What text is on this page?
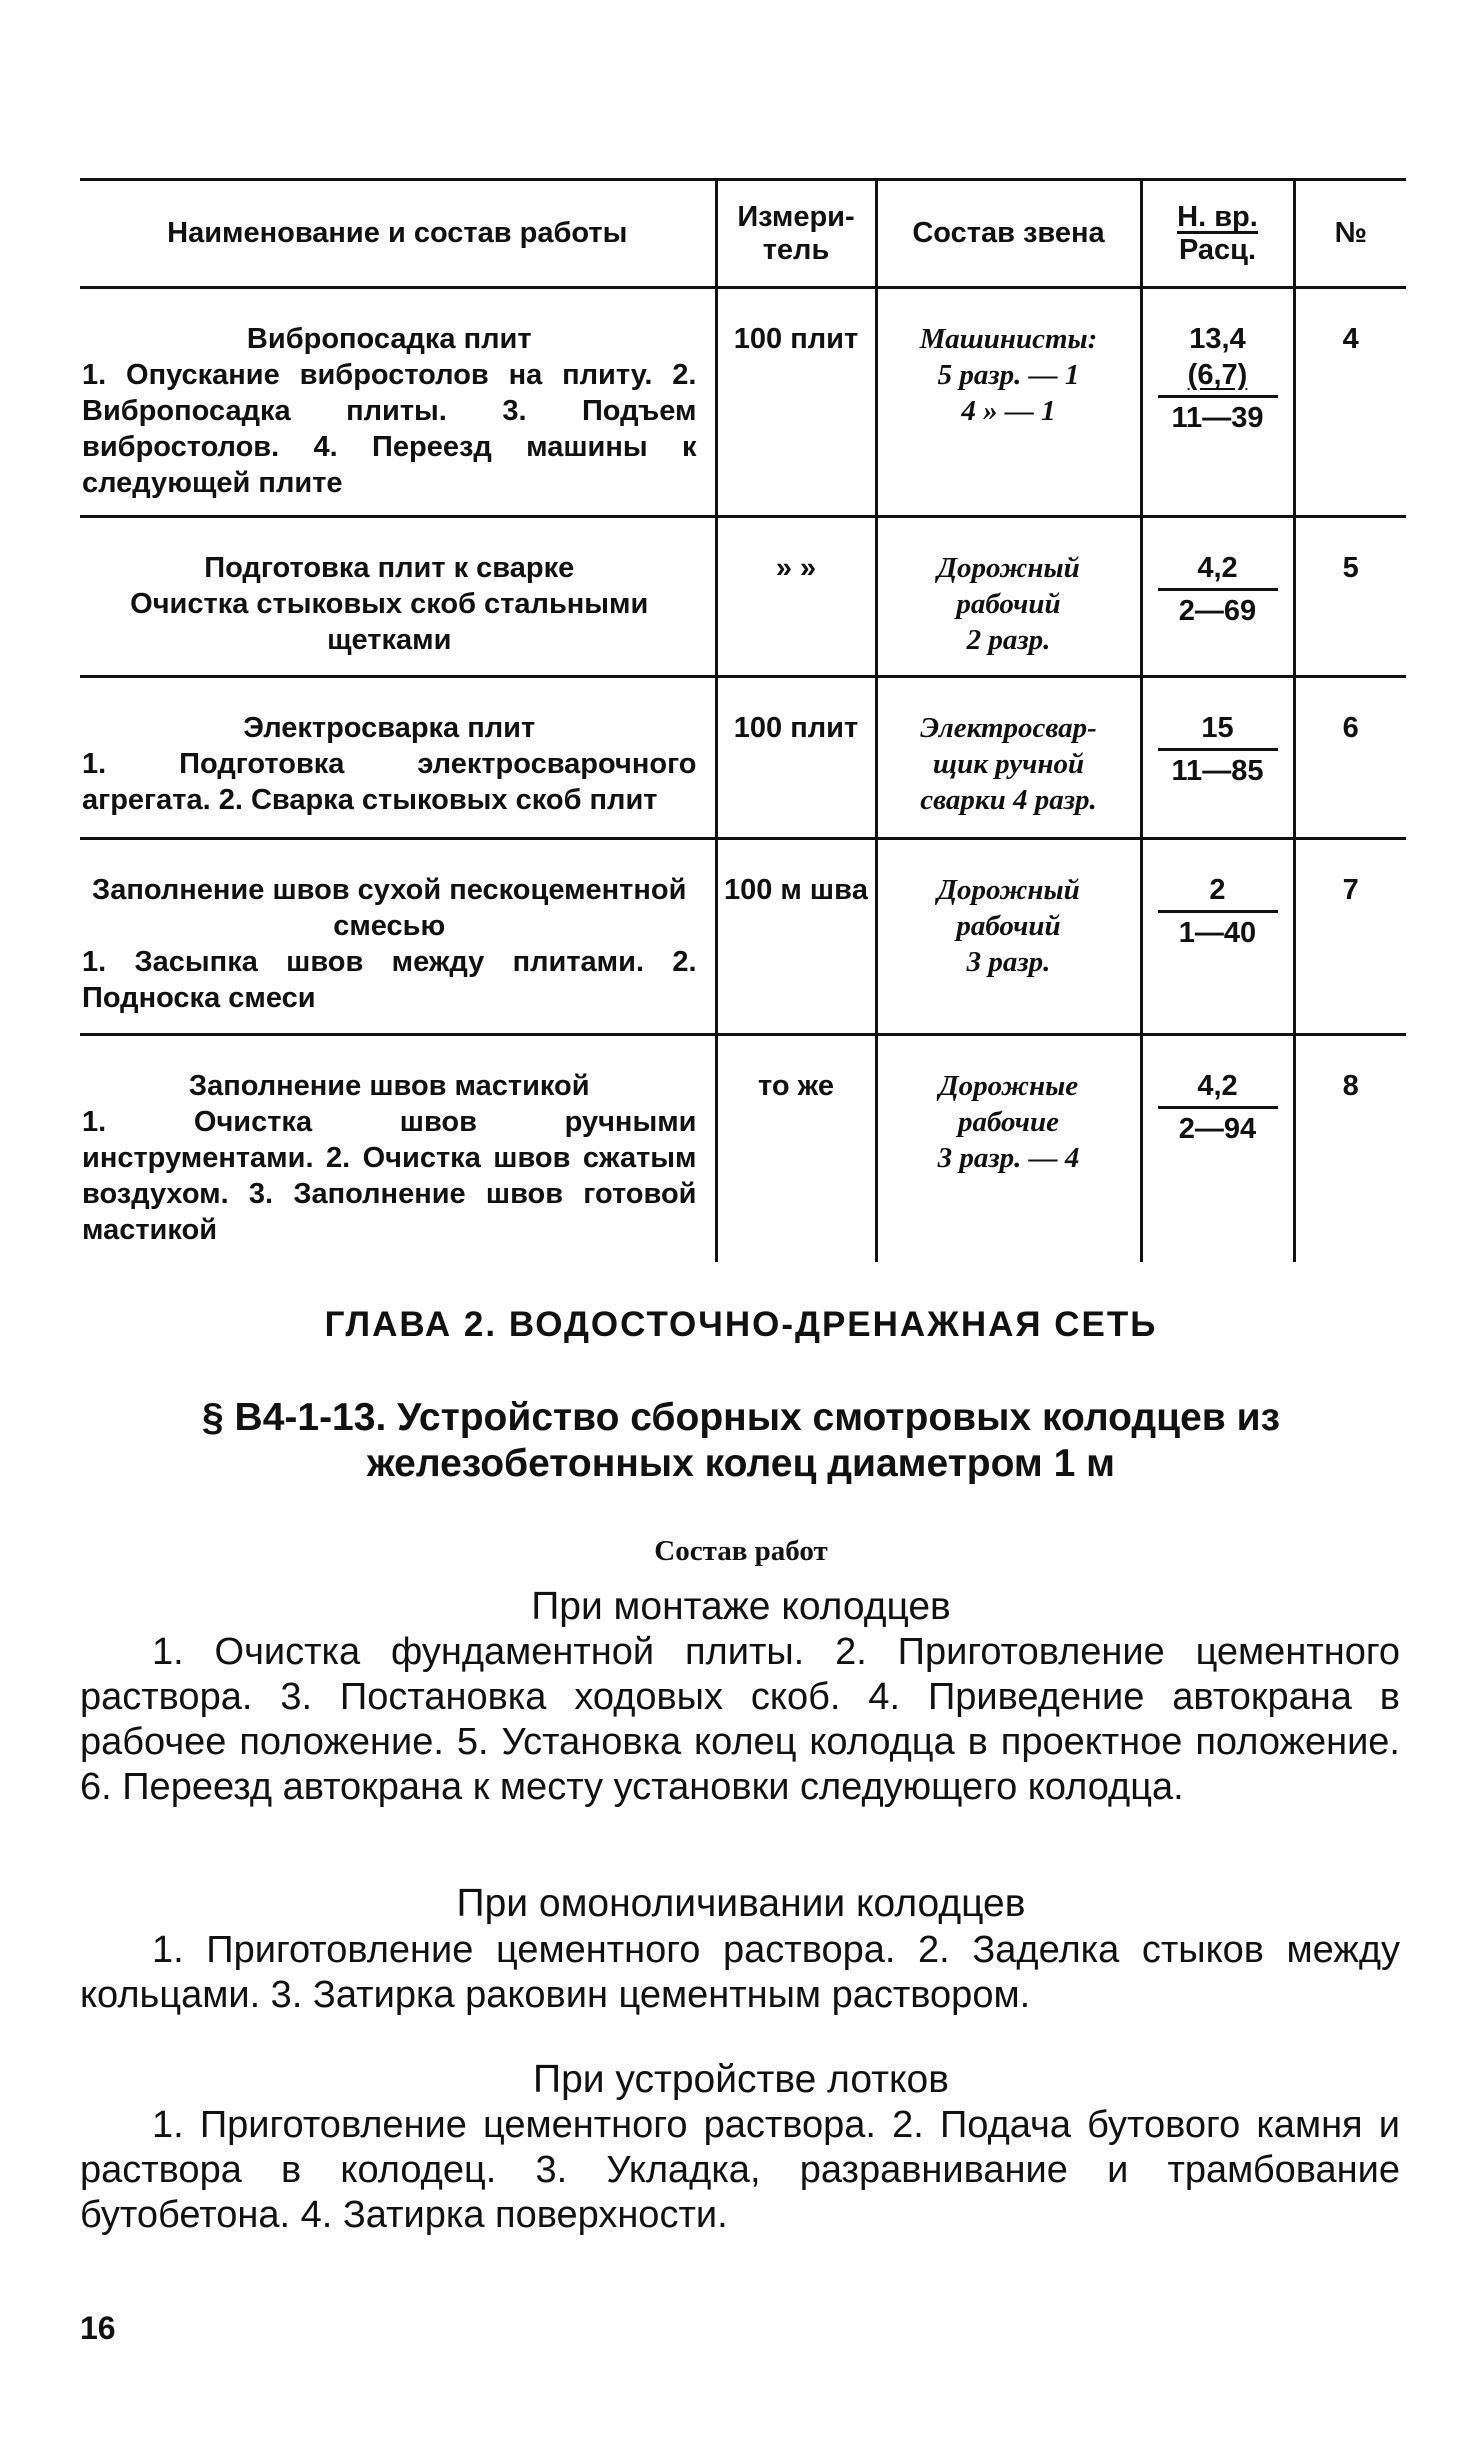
Наименование и состав работы	Измери-
тель	Состав звена	Н. вр.
Расц.	№

Вибропосадка плит
1. Опускание вибростолов на плиту. 2. Вибропосадка плиты. 3. Подъем вибростолов. 4. Переезд машины к следующей плите	100 плит	Машинисты:
5 разр. — 1
4 » — 1	13,4
(6,7)
11—39	4

Подготовка плит к сварке
Очистка стыковых скоб стальными щетками	» »	Дорожный
рабочий
2 разр.	$\frac{4,2}{2—69}$	5

Электросварка плит
1. Подготовка электросварочного агрегата. 2. Сварка стыковых скоб плит	100 плит	Электросвар-
щик ручной
сварки 4 разр.	$\frac{15}{11—85}$	6

Заполнение швов сухой пескоцементной смесью
1. Засыпка швов между плитами. 2. Подноска смеси	100 м швa	Дорожный
рабочий
3 разр.	$\frac{2}{1—40}$	7

Заполнение швов мастикой
1. Очистка швов ручными инструментами. 2. Очистка швов сжатым воздухом. 3. Заполнение швов готовой мастикой	то же	Дорожные
рабочие
3 разр. — 4	$\frac{4,2}{2—94}$	8
ГЛАВА 2. ВОДОСТОЧНО-ДРЕНАЖНАЯ СЕТЬ
§ В4-1-13. Устройство сборных смотровых колодцев из железобетонных колец диаметром 1 м
Состав работ
При монтаже колодцев
1. Очистка фундаментной плиты. 2. Приготовление цементного раствора. 3. Постановка ходовых скоб. 4. Приведение автокрана в рабочее положение. 5. Установка колец колодца в проектное положение. 6. Переезд автокрана к месту установки следующего колодца.
При омоноличивании колодцев
1. Приготовление цементного раствора. 2. Заделка стыков между кольцами. 3. Затирка раковин цементным раствором.
При устройстве лотков
1. Приготовление цементного раствора. 2. Подача бутового камня и раствора в колодец. 3. Укладка, разравнивание и трамбование бутобетона. 4. Затирка поверхности.
16
